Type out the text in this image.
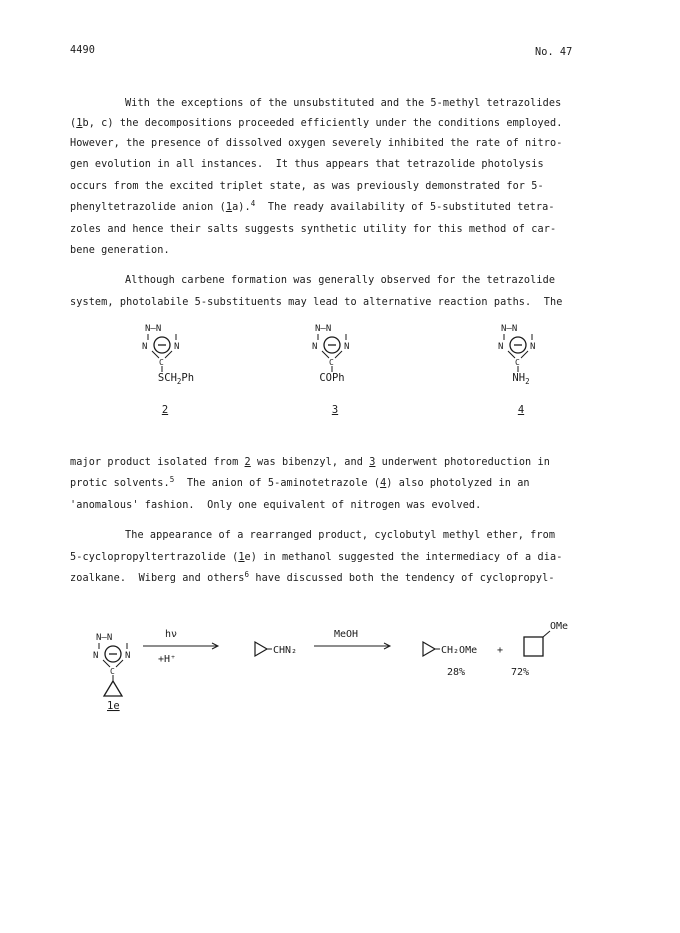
4490	No. 47
With the exceptions of the unsubstituted and the 5-methyl tetrazolides
(1b, c) the decompositions proceeded efficiently under the conditions employed.
However, the presence of dissolved oxygen severely inhibited the rate of nitro-
gen evolution in all instances.  It thus appears that tetrazolide photolysis
occurs from the excited triplet state, as was previously demonstrated for 5-
phenyltetrazolide anion (1a).$^4$  The ready availability of 5-substituted tetra-
zoles and hence their salts suggests synthetic utility for this method of car-
bene generation.
Although carbene formation was generally observed for the tetrazolide
system, photolabile 5-substituents may lead to alternative reaction paths.  The
N—N
N	N
C
N—N
N	N
C
N—N
N	N
C
$SCH_2Ph$	COPh	$NH_2$
2	3	4
major product isolated from 2 was bibenzyl, and 3 underwent photoreduction in
protic solvents.$^5$  The anion of 5-aminotetrazole (4) also photolyzed in an
'anomalous' fashion.  Only one equivalent of nitrogen was evolved.
The appearance of a rearranged product, cyclobutyl methyl ether, from
5-cyclopropyltertrazolide (1e) in methanol suggested the intermediacy of a dia-
zoalkane.  Wiberg and others$^6$ have discussed both the tendency of cyclopropyl-
N—N
N	N
C
hν
+H⁺
CHN₂
MeOH
CH₂OMe +
OMe
28%	72%
1e
